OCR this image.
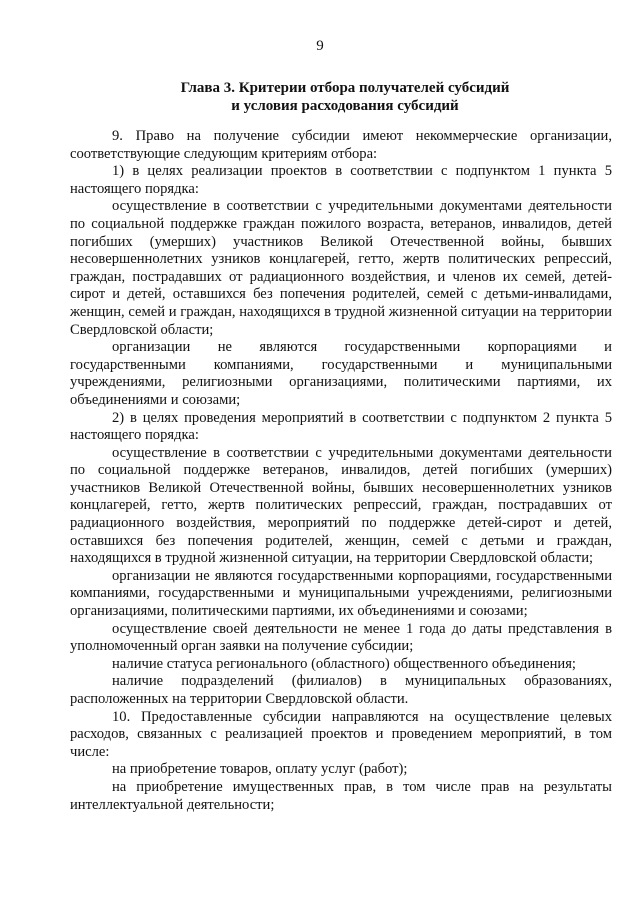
9
Глава 3. Критерии отбора получателей субсидий
и условия расходования субсидий

9. Право на получение субсидии имеют некоммерческие организации, соответствующие следующим критериям отбора:

1) в целях реализации проектов в соответствии с подпунктом 1 пункта 5 настоящего порядка:

осуществление в соответствии с учредительными документами деятельности по социальной поддержке граждан пожилого возраста, ветеранов, инвалидов, детей погибших (умерших) участников Великой Отечественной войны, бывших несовершеннолетних узников концлагерей, гетто, жертв политических репрессий, граждан, пострадавших от радиационного воздействия, и членов их семей, детей-сирот и детей, оставшихся без попечения родителей, семей с детьми-инвалидами, женщин, семей и граждан, находящихся в трудной жизненной ситуации на территории Свердловской области;

организации не являются государственными корпорациями и государственными компаниями, государственными и муниципальными учреждениями, религиозными организациями, политическими партиями, их объединениями и союзами;

2) в целях проведения мероприятий в соответствии с подпунктом 2 пункта 5 настоящего порядка:

осуществление в соответствии с учредительными документами деятельности по социальной поддержке ветеранов, инвалидов, детей погибших (умерших) участников Великой Отечественной войны, бывших несовершеннолетних узников концлагерей, гетто, жертв политических репрессий, граждан, пострадавших от радиационного воздействия, мероприятий по поддержке детей-сирот и детей, оставшихся без попечения родителей, женщин, семей с детьми и граждан, находящихся в трудной жизненной ситуации, на территории Свердловской области;

организации не являются государственными корпорациями, государственными компаниями, государственными и муниципальными учреждениями, религиозными организациями, политическими партиями, их объединениями и союзами;

осуществление своей деятельности не менее 1 года до даты представления в уполномоченный орган заявки на получение субсидии;

наличие статуса регионального (областного) общественного объединения;

наличие подразделений (филиалов) в муниципальных образованиях, расположенных на территории Свердловской области.

10. Предоставленные субсидии направляются на осуществление целевых расходов, связанных с реализацией проектов и проведением мероприятий, в том числе:

на приобретение товаров, оплату услуг (работ);

на приобретение имущественных прав, в том числе прав на результаты интеллектуальной деятельности;
